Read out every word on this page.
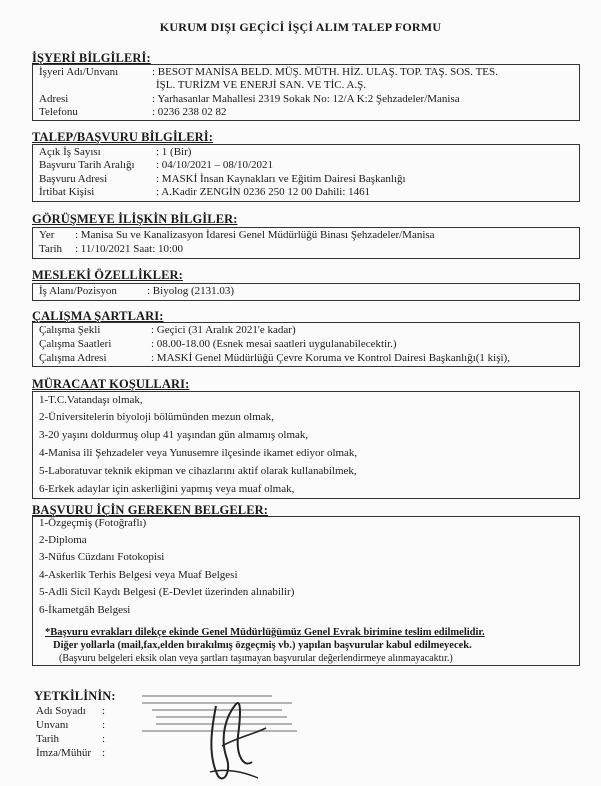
KURUM DIŞI GEÇİCİ İŞÇİ ALIM TALEP FORMU
İŞYERİ BİLGİLERİ:
İşyeri Adı/Unvanı	: BESOT MANİSA BELD. MÜŞ. MÜTH. HİZ. ULAŞ. TOP. TAŞ. SOS. TES.
İŞL. TURİZM VE ENERJİ SAN. VE TİC. A.Ş.
Adresi	: Yarhasanlar Mahallesi 2319 Sokak No: 12/A K:2 Şehzadeler/Manisa
Telefonu	: 0236 238 02 82
TALEP/BAŞVURU BİLGİLERİ:
Açık İş Sayısı	: 1 (Bir)
Başvuru Tarih Aralığı : 04/10/2021 – 08/10/2021
Başvuru Adresi	: MASKİ İnsan Kaynakları ve Eğitim Dairesi Başkanlığı
İrtibat Kişisi	: A.Kadir ZENGİN 0236 250 12 00 Dahili: 1461
GÖRÜŞMEYE İLİŞKİN BİLGİLER:
Yer : Manisa Su ve Kanalizasyon İdaresi Genel Müdürlüğü Binası Şehzadeler/Manisa
Tarih : 11/10/2021 Saat: 10:00
MESLEKİ ÖZELLİKLER:
İş Alanı/Pozisyon	: Biyolog (2131.03)
ÇALIŞMA ŞARTLARI:
Çalışma Şekli	: Geçici (31 Aralık 2021'e kadar)
Çalışma Saatleri	: 08.00-18.00 (Esnek mesai saatleri uygulanabilecektir.)
Çalışma Adresi	: MASKİ Genel Müdürlüğü Çevre Koruma ve Kontrol Dairesi Başkanlığı(1 kişi),
MÜRACAAT KOŞULLARI:
1-T.C.Vatandaşı olmak,
2-Üniversitelerin biyoloji bölümünden mezun olmak,
3-20 yaşını doldurmuş olup 41 yaşından gün almamış olmak,
4-Manisa ili Şehzadeler veya Yunusemre ilçesinde ikamet ediyor olmak,
5-Laboratuvar teknik ekipman ve cihazlarını aktif olarak kullanabilmek,
6-Erkek adaylar için askerliğini yapmış veya muaf olmak,
BAŞVURU İÇİN GEREKEN BELGELER:
1-Özgeçmiş (Fotoğraflı)
2-Diploma
3-Nüfus Cüzdanı Fotokopisi
4-Askerlik Terhis Belgesi veya Muaf Belgesi
5-Adli Sicil Kaydı Belgesi (E-Devlet üzerinden alınabilir)
6-İkametgâh Belgesi
*Başvuru evrakları dilekçe ekinde Genel Müdürlüğümüz Genel Evrak birimine teslim edilmelidir.
Diğer yollarla (mail,fax,elden bırakılmış özgeçmiş vb.) yapılan başvurular kabul edilmeyecek.
(Başvuru belgeleri eksik olan veya şartları taşımayan başvurular değerlendirmeye alınmayacaktır.)
YETKİLİNİN:
Adı Soyadı :
Unvanı	:
Tarih	:
İmza/Mühür :
